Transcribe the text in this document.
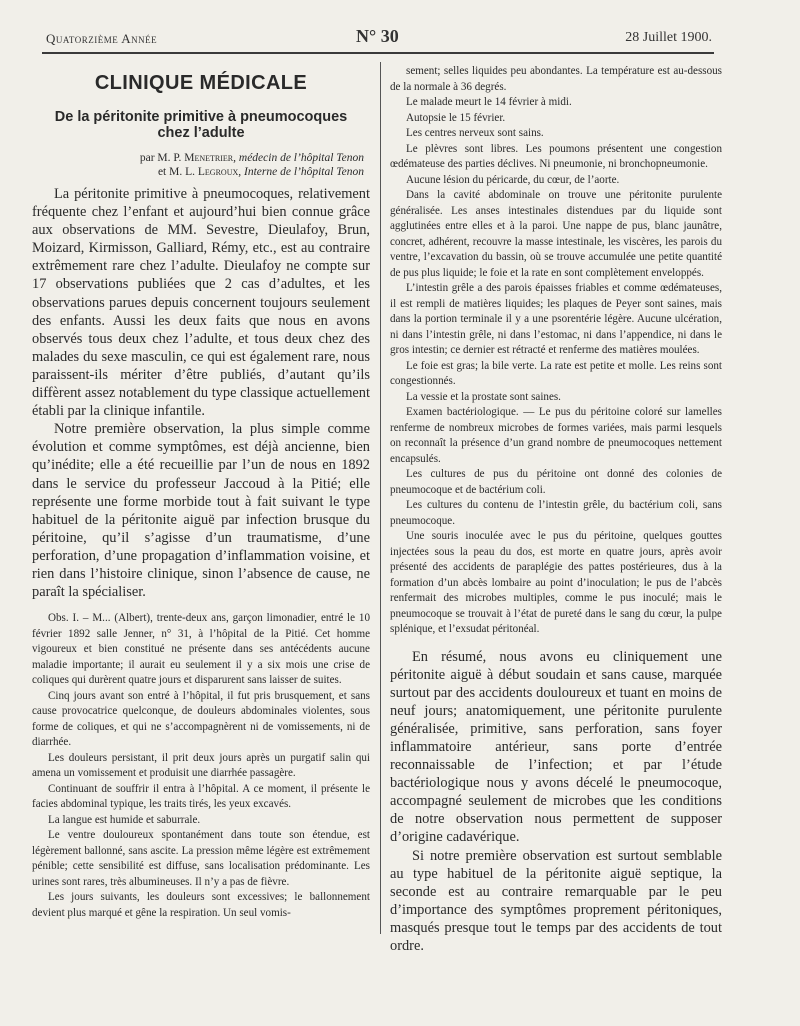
Quatorzième Année	N° 30	28 Juillet 1900.
CLINIQUE MÉDICALE
De la péritonite primitive à pneumocoques
chez l’adulte
par M. P. Menetrier, médecin de l’hôpital Tenon
et M. L. Legroux, Interne de l’hôpital Tenon

La péritonite primitive à pneumocoques, relativement fréquente chez l’enfant et aujourd’hui bien connue grâce aux observations de MM. Sevestre, Dieulafoy, Brun, Moizard, Kirmisson, Galliard, Rémy, etc., est au contraire extrêmement rare chez l’adulte. Dieulafoy ne compte sur 17 observations publiées que 2 cas d’adultes, et les observations parues depuis concernent toujours seulement des enfants. Aussi les deux faits que nous en avons observés tous deux chez l’adulte, et tous deux chez des malades du sexe masculin, ce qui est également rare, nous paraissent-ils mériter d’être publiés, d’autant qu’ils diffèrent assez notablement du type classique actuellement établi par la clinique infantile.

Notre première observation, la plus simple comme évolution et comme symptômes, est déjà ancienne, bien qu’inédite; elle a été recueillie par l’un de nous en 1892 dans le service du professeur Jaccoud à la Pitié; elle représente une forme morbide tout à fait suivant le type habituel de la péritonite aiguë par infection brusque du péritoine, qu’il s’agisse d’un traumatisme, d’une perforation, d’une propagation d’inflammation voisine, et rien dans l’histoire clinique, sinon l’absence de cause, ne paraît la spécialiser.

Obs. I. – M... (Albert), trente-deux ans, garçon limonadier, entré le 10 février 1892 salle Jenner, n° 31, à l’hôpital de la Pitié. Cet homme vigoureux et bien constitué ne présente dans ses antécédents aucune maladie importante; il aurait eu seulement il y a six mois une crise de coliques qui durèrent quatre jours et disparurent sans laisser de suites.

Cinq jours avant son entré à l’hôpital, il fut pris brusquement, et sans cause provocatrice quelconque, de douleurs abdominales violentes, sous forme de coliques, et qui ne s’accompagnèrent ni de vomissements, ni de diarrhée.

Les douleurs persistant, il prit deux jours après un purgatif salin qui amena un vomissement et produisit une diarrhée passagère.

Continuant de souffrir il entra à l’hôpital. A ce moment, il présente le facies abdominal typique, les traits tirés, les yeux excavés.

La langue est humide et saburrale.

Le ventre douloureux spontanément dans toute son étendue, est légèrement ballonné, sans ascite. La pression même légère est extrêmement pénible; cette sensibilité est diffuse, sans localisation prédominante. Les urines sont rares, très albumineuses. Il n’y a pas de fièvre.

Les jours suivants, les douleurs sont excessives; le ballonnement devient plus marqué et gêne la respiration. Un seul vomis-

sement; selles liquides peu abondantes. La température est au-dessous de la normale à 36 degrés.

Le malade meurt le 14 février à midi.

Autopsie le 15 février.

Les centres nerveux sont sains.

Le plèvres sont libres. Les poumons présentent une congestion œdémateuse des parties déclives. Ni pneumonie, ni bronchopneumonie.

Aucune lésion du péricarde, du cœur, de l’aorte.

Dans la cavité abdominale on trouve une péritonite purulente généralisée. Les anses intestinales distendues par du liquide sont agglutinées entre elles et à la paroi. Une nappe de pus, blanc jaunâtre, concret, adhérent, recouvre la masse intestinale, les viscères, les parois du ventre, l’excavation du bassin, où se trouve accumulée une petite quantité de pus plus liquide; le foie et la rate en sont complètement enveloppés.

L’intestin grêle a des parois épaisses friables et comme œdémateuses, il est rempli de matières liquides; les plaques de Peyer sont saines, mais dans la portion terminale il y a une psorentérie légère. Aucune ulcération, ni dans l’intestin grêle, ni dans l’estomac, ni dans l’appendice, ni dans le gros intestin; ce dernier est rétracté et renferme des matières moulées.

Le foie est gras; la bile verte. La rate est petite et molle. Les reins sont congestionnés.

La vessie et la prostate sont saines.

Examen bactériologique. — Le pus du péritoine coloré sur lamelles renferme de nombreux microbes de formes variées, mais parmi lesquels on reconnaît la présence d’un grand nombre de pneumocoques nettement encapsulés.

Les cultures de pus du péritoine ont donné des colonies de pneumocoque et de bactérium coli.

Les cultures du contenu de l’intestin grêle, du bactérium coli, sans pneumocoque.

Une souris inoculée avec le pus du péritoine, quelques gouttes injectées sous la peau du dos, est morte en quatre jours, après avoir présenté des accidents de paraplégie des pattes postérieures, dus à la formation d’un abcès lombaire au point d’inoculation; le pus de l’abcès renfermait des microbes multiples, comme le pus inoculé; mais le pneumocoque se trouvait à l’état de pureté dans le sang du cœur, la pulpe splénique, et l’exsudat péritonéal.

En résumé, nous avons eu cliniquement une péritonite aiguë à début soudain et sans cause, marquée surtout par des accidents douloureux et tuant en moins de neuf jours; anatomiquement, une péritonite purulente généralisée, primitive, sans perforation, sans foyer inflammatoire antérieur, sans porte d’entrée reconnaissable de l’infection; et par l’étude bactériologique nous y avons décelé le pneumocoque, accompagné seulement de microbes que les conditions de notre observation nous permettent de supposer d’origine cadavérique.

Si notre première observation est surtout semblable au type habituel de la péritonite aiguë septique, la seconde est au contraire remarquable par le peu d’importance des symptômes proprement péritoniques, masqués presque tout le temps par des accidents de tout ordre.
